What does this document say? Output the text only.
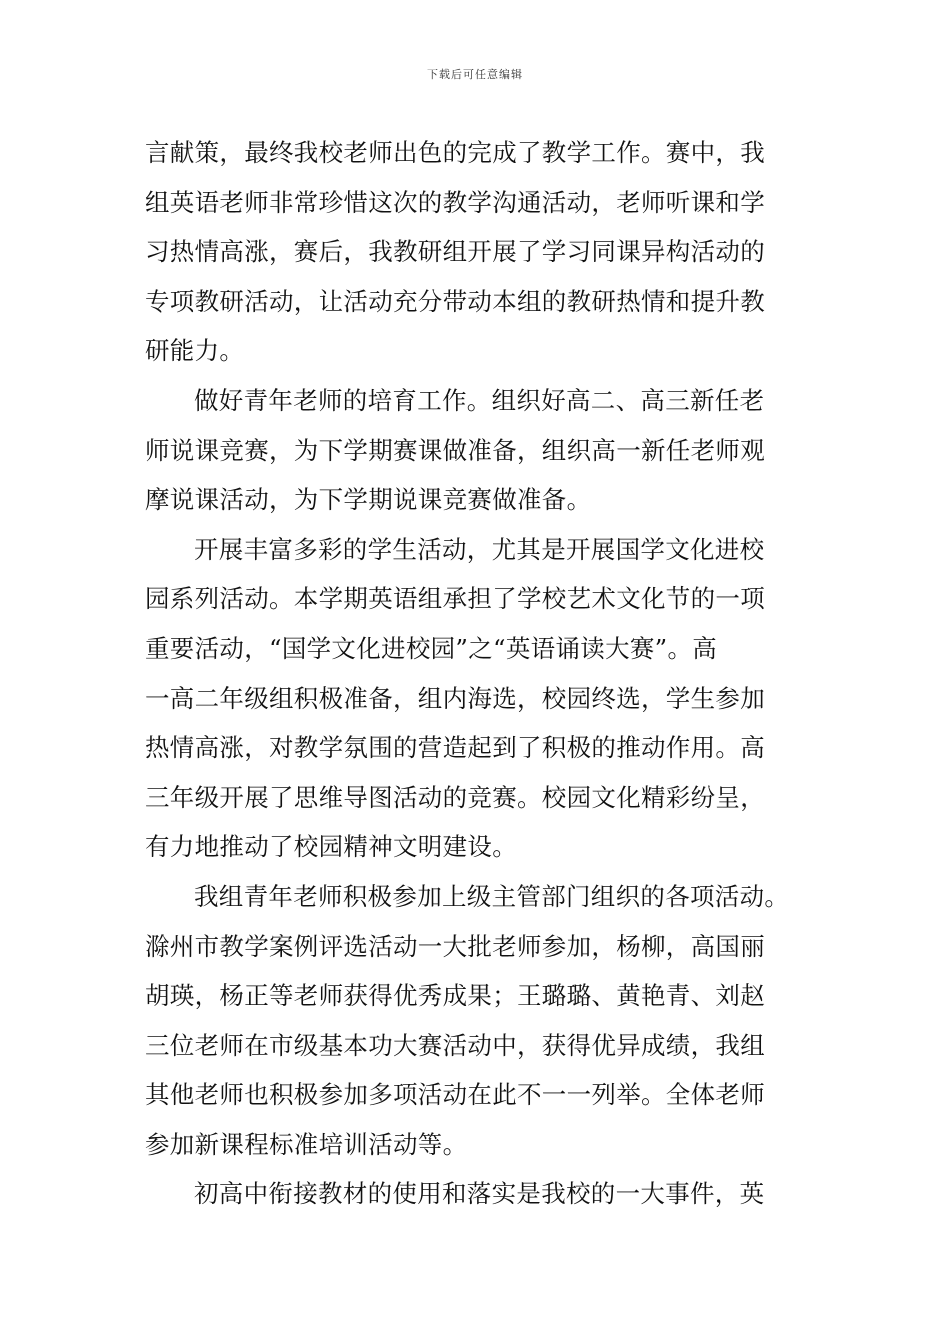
下载后可任意编辑
言献策，最终我校老师出色的完成了教学工作。赛中，我
组英语老师非常珍惜这次的教学沟通活动，老师听课和学
习热情高涨，赛后，我教研组开展了学习同课异构活动的
专项教研活动，让活动充分带动本组的教研热情和提升教
研能力。
做好青年老师的培育工作。组织好高二、高三新任老
师说课竞赛，为下学期赛课做准备，组织高一新任老师观
摩说课活动，为下学期说课竞赛做准备。
开展丰富多彩的学生活动，尤其是开展国学文化进校
园系列活动。本学期英语组承担了学校艺术文化节的一项
重要活动，“国学文化进校园”之“英语诵读大赛”。高
一高二年级组积极准备，组内海选，校园终选，学生参加
热情高涨，对教学氛围的营造起到了积极的推动作用。高
三年级开展了思维导图活动的竞赛。校园文化精彩纷呈，
有力地推动了校园精神文明建设。
我组青年老师积极参加上级主管部门组织的各项活动。
滁州市教学案例评选活动一大批老师参加，杨柳，高国丽
胡瑛，杨正等老师获得优秀成果；王璐璐、黄艳青、刘赵
三位老师在市级基本功大赛活动中，获得优异成绩，我组
其他老师也积极参加多项活动在此不一一列举。全体老师
参加新课程标准培训活动等。
初高中衔接教材的使用和落实是我校的一大事件，英
